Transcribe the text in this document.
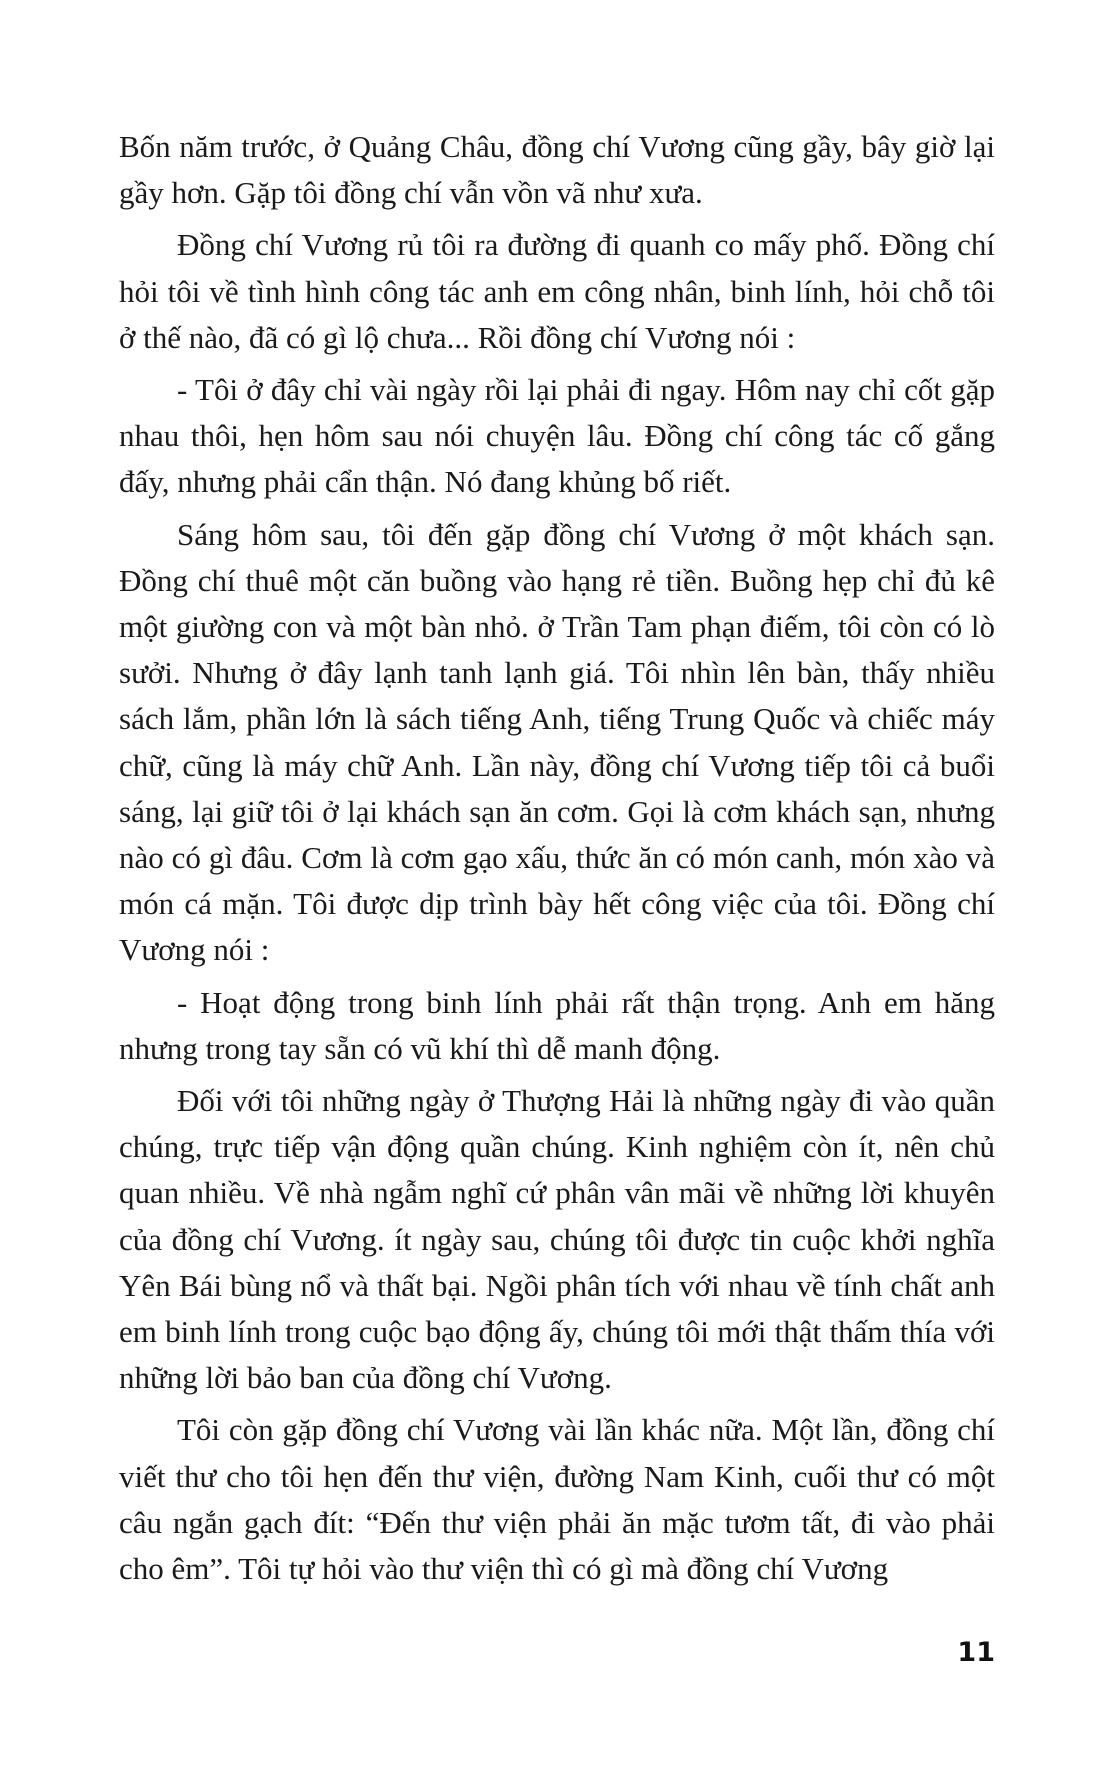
Bốn năm trước, ở Quảng Châu, đồng chí Vương cũng gầy, bây giờ lại gầy hơn. Gặp tôi đồng chí vẫn vồn vã như xưa.

Đồng chí Vương rủ tôi ra đường đi quanh co mấy phố. Đồng chí hỏi tôi về tình hình công tác anh em công nhân, binh lính, hỏi chỗ tôi ở thế nào, đã có gì lộ chưa... Rồi đồng chí Vương nói :

- Tôi ở đây chỉ vài ngày rồi lại phải đi ngay. Hôm nay chỉ cốt gặp nhau thôi, hẹn hôm sau nói chuyện lâu. Đồng chí công tác cố gắng đấy, nhưng phải cẩn thận. Nó đang khủng bố riết.

Sáng hôm sau, tôi đến gặp đồng chí Vương ở một khách sạn. Đồng chí thuê một căn buồng vào hạng rẻ tiền. Buồng hẹp chỉ đủ kê một giường con và một bàn nhỏ. ở Trần Tam phạn điếm, tôi còn có lò sưởi. Nhưng ở đây lạnh tanh lạnh giá. Tôi nhìn lên bàn, thấy nhiều sách lắm, phần lớn là sách tiếng Anh, tiếng Trung Quốc và chiếc máy chữ, cũng là máy chữ Anh. Lần này, đồng chí Vương tiếp tôi cả buổi sáng, lại giữ tôi ở lại khách sạn ăn cơm. Gọi là cơm khách sạn, nhưng nào có gì đâu. Cơm là cơm gạo xấu, thức ăn có món canh, món xào và món cá mặn. Tôi được dịp trình bày hết công việc của tôi. Đồng chí Vương nói :

- Hoạt động trong binh lính phải rất thận trọng. Anh em hăng nhưng trong tay sẵn có vũ khí thì dễ manh động.

Đối với tôi những ngày ở Thượng Hải là những ngày đi vào quần chúng, trực tiếp vận động quần chúng. Kinh nghiệm còn ít, nên chủ quan nhiều. Về nhà ngẫm nghĩ cứ phân vân mãi về những lời khuyên của đồng chí Vương. ít ngày sau, chúng tôi được tin cuộc khởi nghĩa Yên Bái bùng nổ và thất bại. Ngồi phân tích với nhau về tính chất anh em binh lính trong cuộc bạo động ấy, chúng tôi mới thật thấm thía với những lời bảo ban của đồng chí Vương.

Tôi còn gặp đồng chí Vương vài lần khác nữa. Một lần, đồng chí viết thư cho tôi hẹn đến thư viện, đường Nam Kinh, cuối thư có một câu ngắn gạch đít: “Đến thư viện phải ăn mặc tươm tất, đi vào phải cho êm”. Tôi tự hỏi vào thư viện thì có gì mà đồng chí Vương

11
